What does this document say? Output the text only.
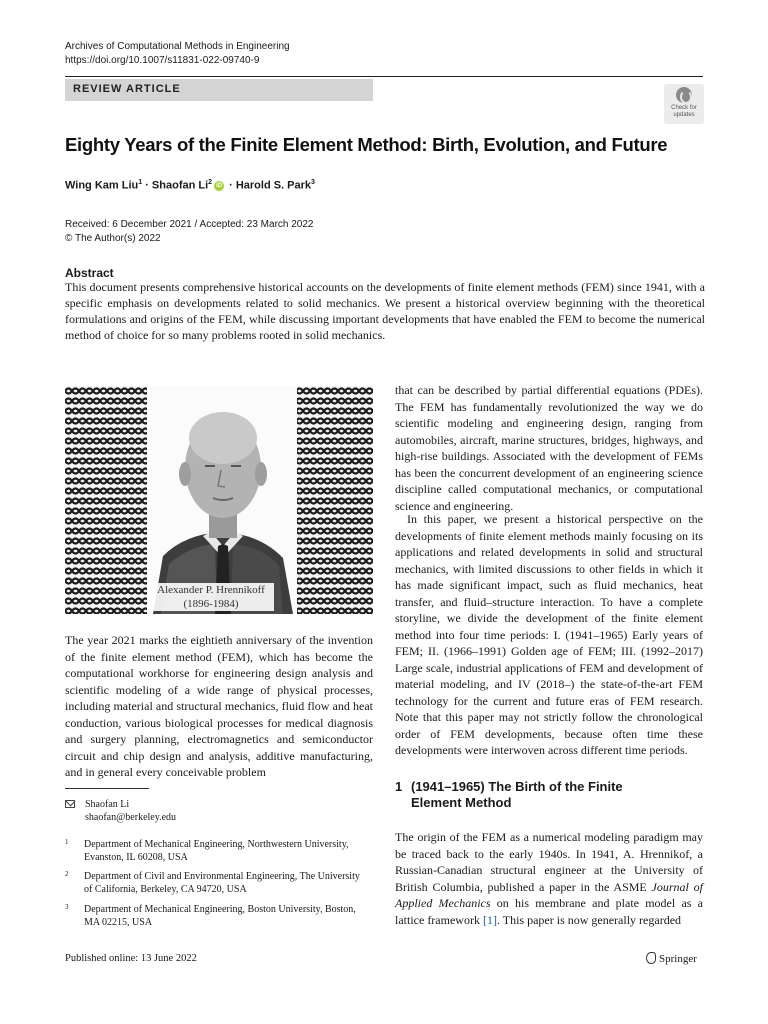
Archives of Computational Methods in Engineering
https://doi.org/10.1007/s11831-022-09740-9
REVIEW ARTICLE
Check for
updates
Eighty Years of the Finite Element Method: Birth, Evolution, and Future
Wing Kam Liu$^1$ · Shaofan Li$^2$ iD · Harold S. Park$^3$
Received: 6 December 2021 / Accepted: 23 March 2022
© The Author(s) 2022
Abstract

This document presents comprehensive historical accounts on the developments of finite element methods (FEM) since 1941, with a specific emphasis on developments related to solid mechanics. We present a historical overview beginning with the theoretical formulations and origins of the FEM, while discussing important developments that have enabled the FEM to become the numerical method of choice for so many problems rooted in solid mechanics.

Alexander P. Hrennikoff
(1896-1984)

The year 2021 marks the eightieth anniversary of the invention of the finite element method (FEM), which has become the computational workhorse for engineering design analysis and scientific modeling of a wide range of physical processes, including material and structural mechanics, fluid flow and heat conduction, various biological processes for medical diagnosis and surgery planning, electromagnetics and semiconductor circuit and chip design and analysis, additive manufacturing, and in general every conceivable problem

that can be described by partial differential equations (PDEs). The FEM has fundamentally revolutionized the way we do scientific modeling and engineering design, ranging from automobiles, aircraft, marine structures, bridges, highways, and high-rise buildings. Associated with the development of FEMs has been the concurrent development of an engineering science discipline called computational mechanics, or computational science and engineering.

In this paper, we present a historical perspective on the developments of finite element methods mainly focusing on its applications and related developments in solid and structural mechanics, with limited discussions to other fields in which it has made significant impact, such as fluid mechanics, heat transfer, and fluid–structure interaction. To have a complete storyline, we divide the development of the finite element method into four time periods: I. (1941–1965) Early years of FEM; II. (1966–1991) Golden age of FEM; III. (1992–2017) Large scale, industrial applications of FEM and development of material modeling, and IV (2018–) the state-of-the-art FEM technology for the current and future eras of FEM research. Note that this paper may not strictly follow the chronological order of FEM developments, because often time these developments were interwoven across different time periods.

1 (1941–1965) The Birth of the Finite
Element Method

The origin of the FEM as a numerical modeling paradigm may be traced back to the early 1940s. In 1941, A. Hrennikof, a Russian-Canadian structural engineer at the University of British Columbia, published a paper in the ASME Journal of Applied Mechanics on his membrane and plate model as a lattice framework [1]. This paper is now generally regarded

Shaofan Li
shaofan@berkeley.edu
1	Department of Mechanical Engineering, Northwestern University, Evanston, IL 60208, USA
2	Department of Civil and Environmental Engineering, The University of California, Berkeley, CA 94720, USA
3	Department of Mechanical Engineering, Boston University, Boston, MA 02215, USA
Published online: 13 June 2022	Springer
